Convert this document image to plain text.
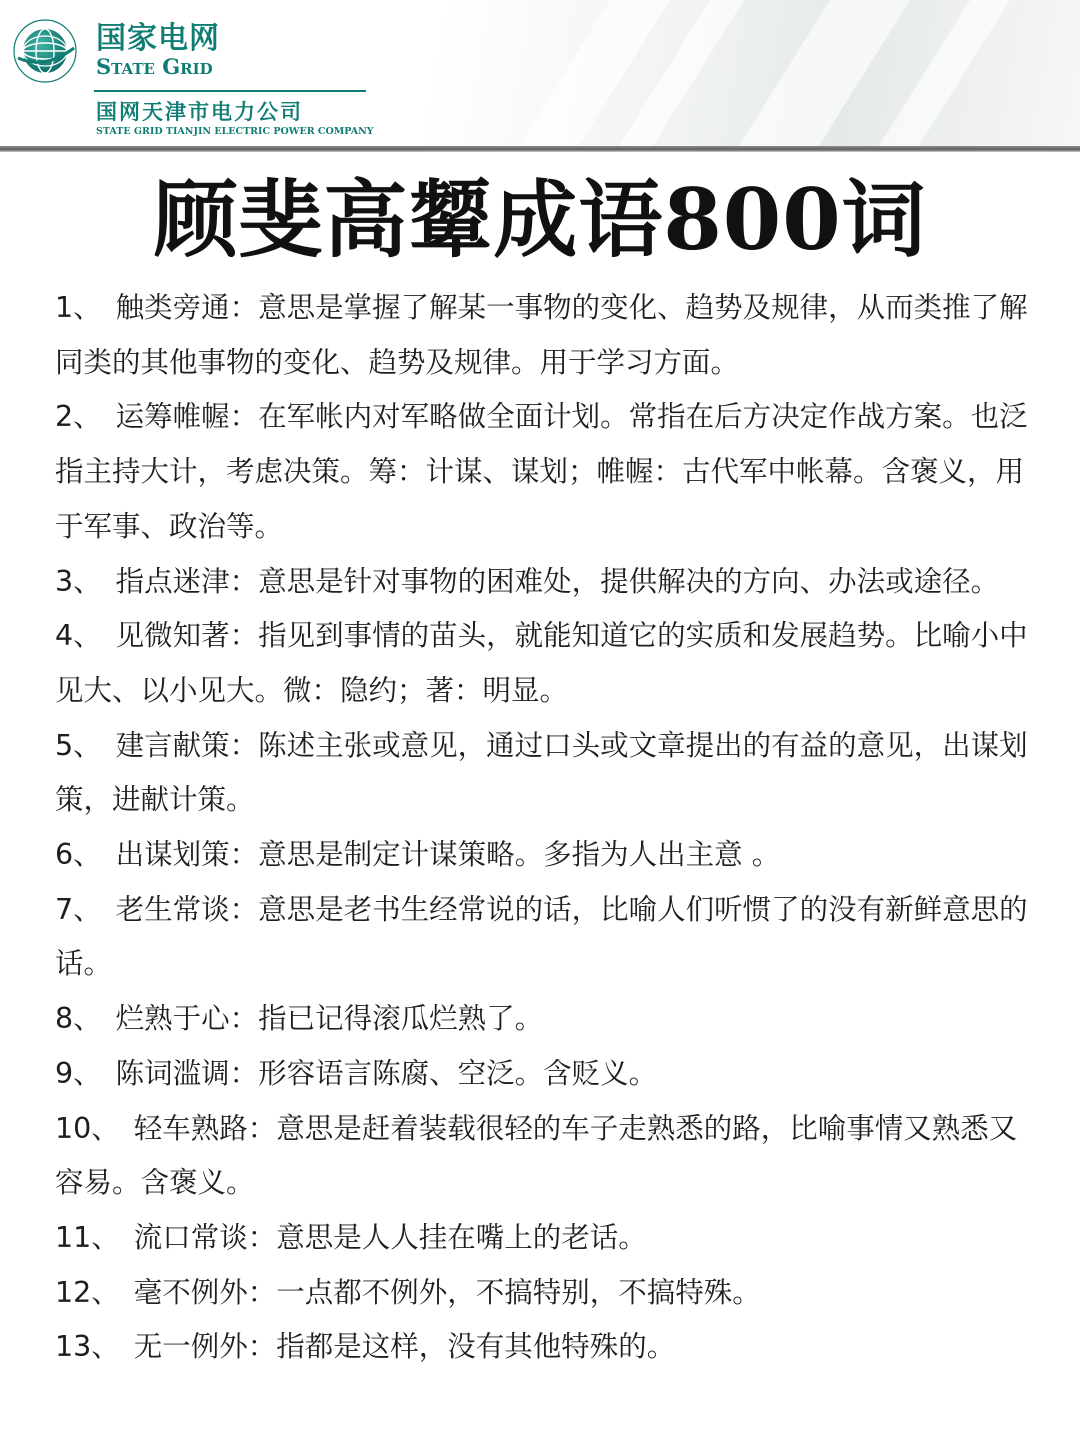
国家电网
State Grid
国网天津市电力公司
STATE GRID TIANJIN ELECTRIC POWER COMPANY
顾斐高颦成语800词

1、 触类旁通：意思是掌握了解某一事物的变化、趋势及规律，从而类推了解同类的其他事物的变化、趋势及规律。用于学习方面。

2、 运筹帷幄：在军帐内对军略做全面计划。常指在后方决定作战方案。也泛指主持大计，考虑决策。筹：计谋、谋划；帷幄：古代军中帐幕。含褒义，用于军事、政治等。

3、 指点迷津：意思是针对事物的困难处，提供解决的方向、办法或途径。

4、 见微知著：指见到事情的苗头，就能知道它的实质和发展趋势。比喻小中见大、以小见大。微：隐约；著：明显。

5、 建言献策：陈述主张或意见，通过口头或文章提出的有益的意见，出谋划策，进献计策。

6、 出谋划策：意思是制定计谋策略。多指为人出主意 。

7、 老生常谈：意思是老书生经常说的话，比喻人们听惯了的没有新鲜意思的话。

8、 烂熟于心：指已记得滚瓜烂熟了。

9、 陈词滥调：形容语言陈腐、空泛。含贬义。

10、 轻车熟路：意思是赶着装载很轻的车子走熟悉的路，比喻事情又熟悉又容易。含褒义。

11、 流口常谈：意思是人人挂在嘴上的老话。

12、 毫不例外：一点都不例外，不搞特别，不搞特殊。

13、 无一例外：指都是这样，没有其他特殊的。
